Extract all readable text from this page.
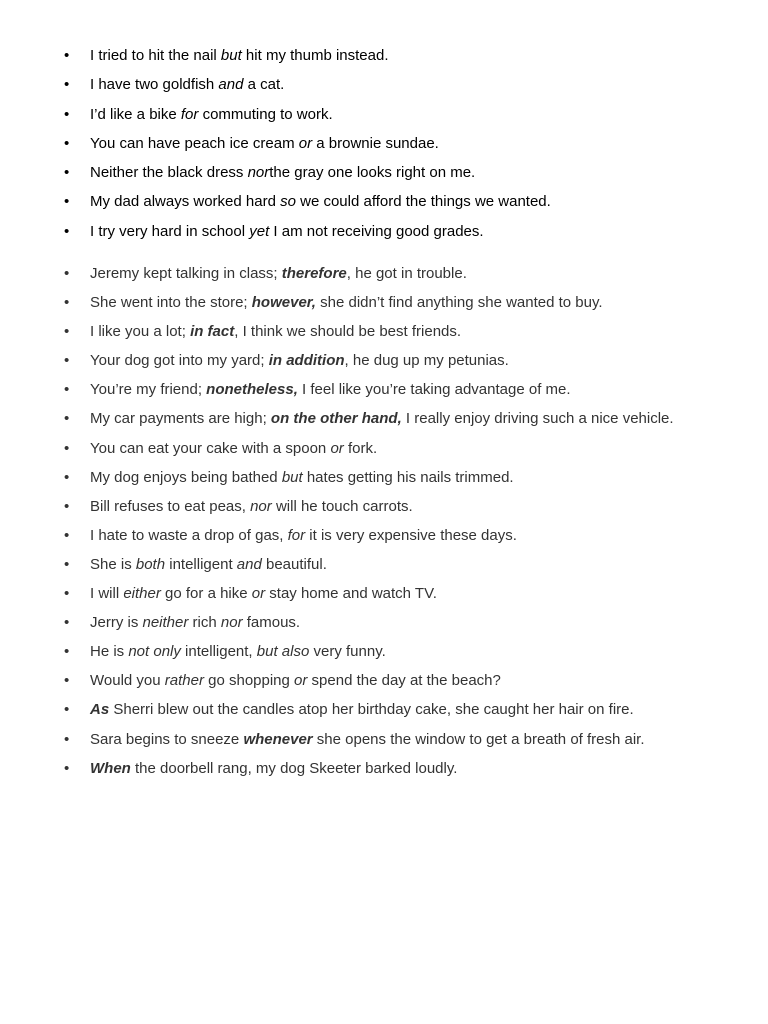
• I tried to hit the nail but hit my thumb instead.
• I have two goldfish and a cat.
• I’d like a bike for commuting to work.
• You can have peach ice cream or a brownie sundae.
• Neither the black dress northe gray one looks right on me.
• My dad always worked hard so we could afford the things we wanted.
• I try very hard in school yet I am not receiving good grades.
• Jeremy kept talking in class; therefore, he got in trouble.
• She went into the store; however, she didn’t find anything she wanted to buy.
• I like you a lot; in fact, I think we should be best friends.
• Your dog got into my yard; in addition, he dug up my petunias.
• You’re my friend; nonetheless, I feel like you’re taking advantage of me.
• My car payments are high; on the other hand, I really enjoy driving such a nice vehicle.
• You can eat your cake with a spoon or fork.
• My dog enjoys being bathed but hates getting his nails trimmed.
• Bill refuses to eat peas, nor will he touch carrots.
• I hate to waste a drop of gas, for it is very expensive these days.
• She is both intelligent and beautiful.
• I will either go for a hike or stay home and watch TV.
• Jerry is neither rich nor famous.
• He is not only intelligent, but also very funny.
• Would you rather go shopping or spend the day at the beach?
• As Sherri blew out the candles atop her birthday cake, she caught her hair on fire.
• Sara begins to sneeze whenever she opens the window to get a breath of fresh air.
• When the doorbell rang, my dog Skeeter barked loudly.
